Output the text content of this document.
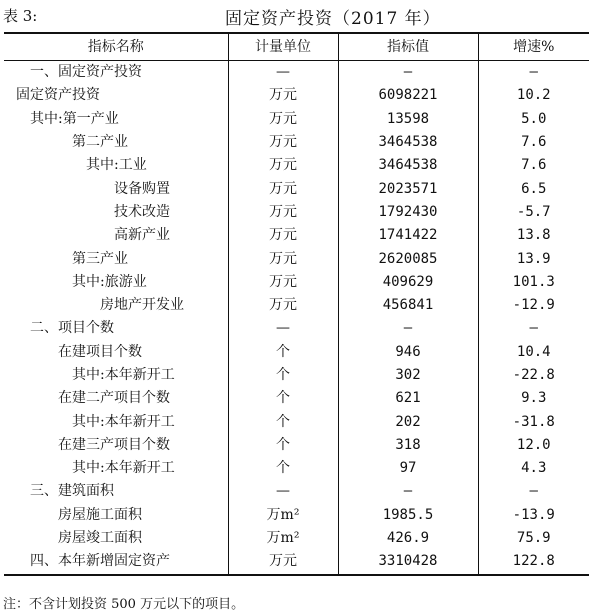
表 3:	固定资产投资（2017 年）
指标名称	计量单位	指标值	增速%
一、固定资产投资	—	—	—
固定资产投资	万元	6098221	10.2
其中:第一产业	万元	13598	5.0
第二产业	万元	3464538	7.6
其中:工业	万元	3464538	7.6
设备购置	万元	2023571	6.5
技术改造	万元	1792430	-5.7
高新产业	万元	1741422	13.8
第三产业	万元	2620085	13.9
其中:旅游业	万元	409629	101.3
房地产开发业	万元	456841	-12.9
二、项目个数	—	—	—
在建项目个数	个	946	10.4
其中:本年新开工	个	302	-22.8
在建二产项目个数	个	621	9.3
其中:本年新开工	个	202	-31.8
在建三产项目个数	个	318	12.0
其中:本年新开工	个	97	4.3
三、建筑面积	—	—	—
房屋施工面积	万m²	1985.5	-13.9
房屋竣工面积	万m²	426.9	75.9
四、本年新增固定资产	万元	3310428	122.8
注：不含计划投资 500 万元以下的项目。
